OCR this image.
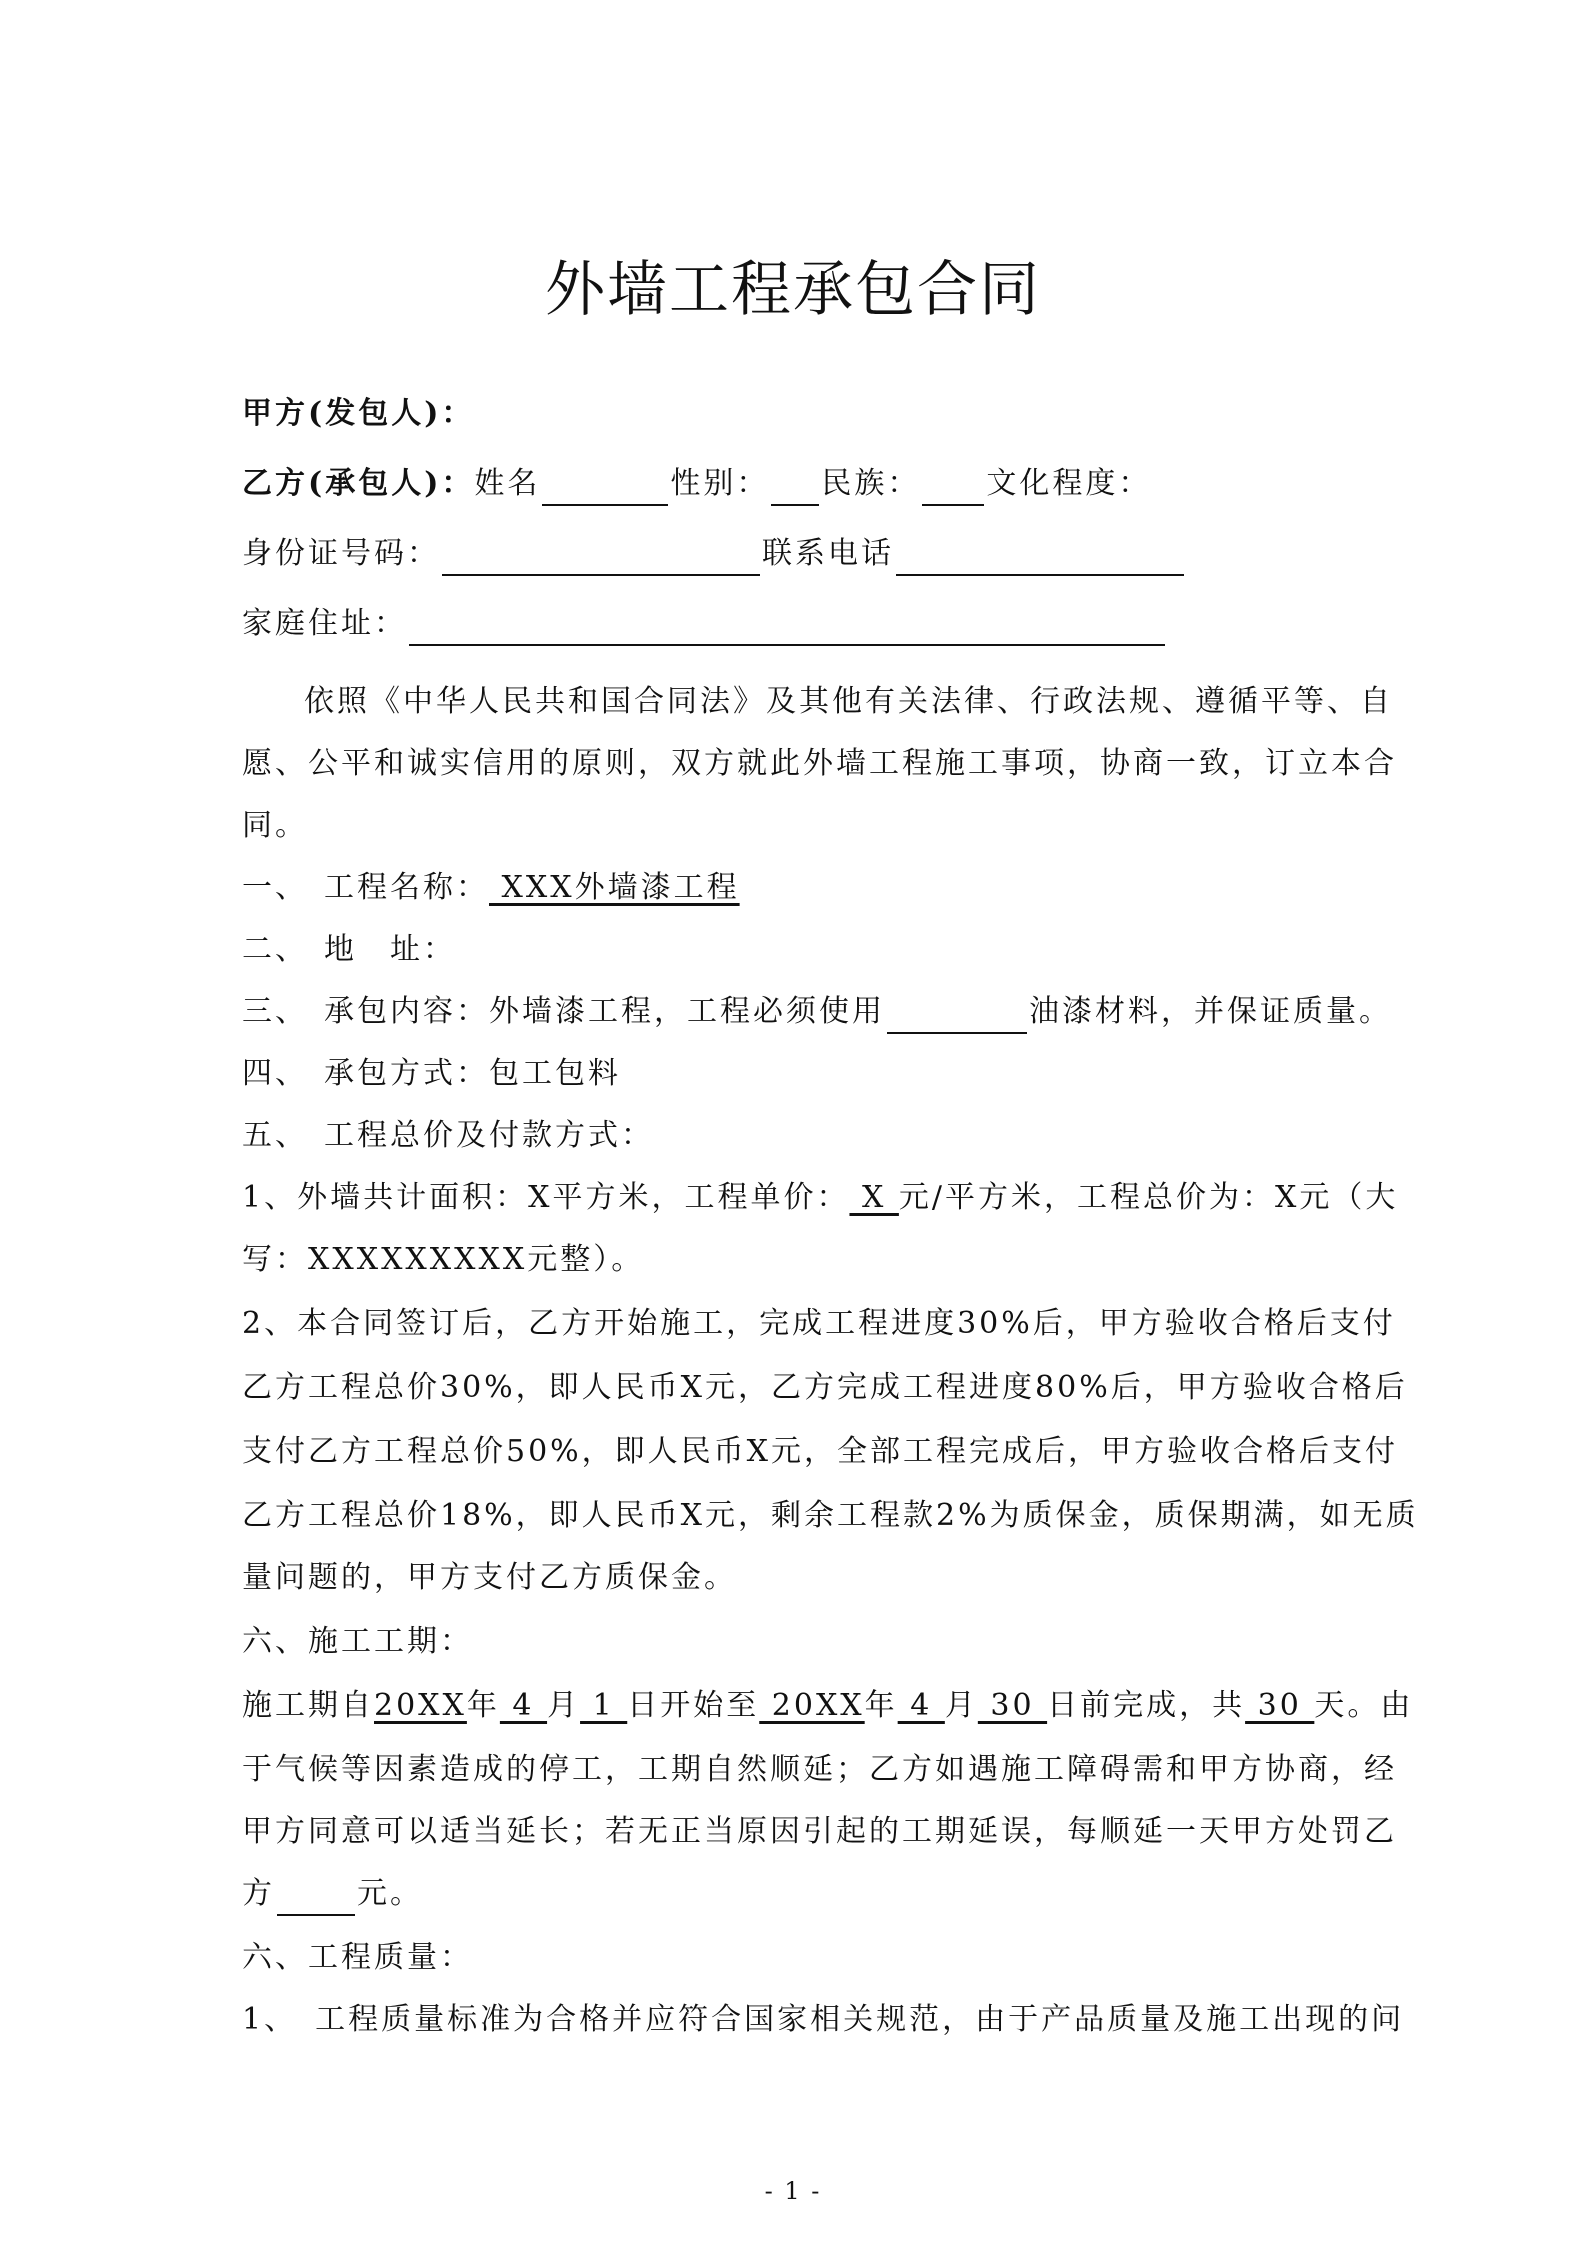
外墙工程承包合同
甲方(发包人)：
乙方(承包人)：姓名	性别： 民族： 文化程度：
身份证号码：	联系电话
家庭住址：
依照《中华人民共和国合同法》及其他有关法律、行政法规、遵循平等、自
愿、公平和诚实信用的原则，双方就此外墙工程施工事项，协商一致，订立本合
同。
一、 工程名称： XXX外墙漆工程
二、 地　址：
三、 承包内容：外墙漆工程，工程必须使用	油漆材料，并保证质量。
四、 承包方式：包工包料
五、 工程总价及付款方式：
1、外墙共计面积：X平方米，工程单价： X 元/平方米，工程总价为：X元（大
写：XXXXXXXXX元整）。
2、本合同签订后，乙方开始施工，完成工程进度30%后，甲方验收合格后支付
乙方工程总价30%，即人民币X元，乙方完成工程进度80%后，甲方验收合格后
支付乙方工程总价50%，即人民币X元，全部工程完成后，甲方验收合格后支付
乙方工程总价18%，即人民币X元，剩余工程款2%为质保金，质保期满，如无质
量问题的，甲方支付乙方质保金。
六、施工工期：
施工期自20XX年 4 月 1 日开始至 20XX年 4 月 30 日前完成，共 30 天。由
于气候等因素造成的停工，工期自然顺延；乙方如遇施工障碍需和甲方协商，经
甲方同意可以适当延长；若无正当原因引起的工期延误，每顺延一天甲方处罚乙
方	元。
六、工程质量：
1、　工程质量标准为合格并应符合国家相关规范，由于产品质量及施工出现的问
- 1 -
